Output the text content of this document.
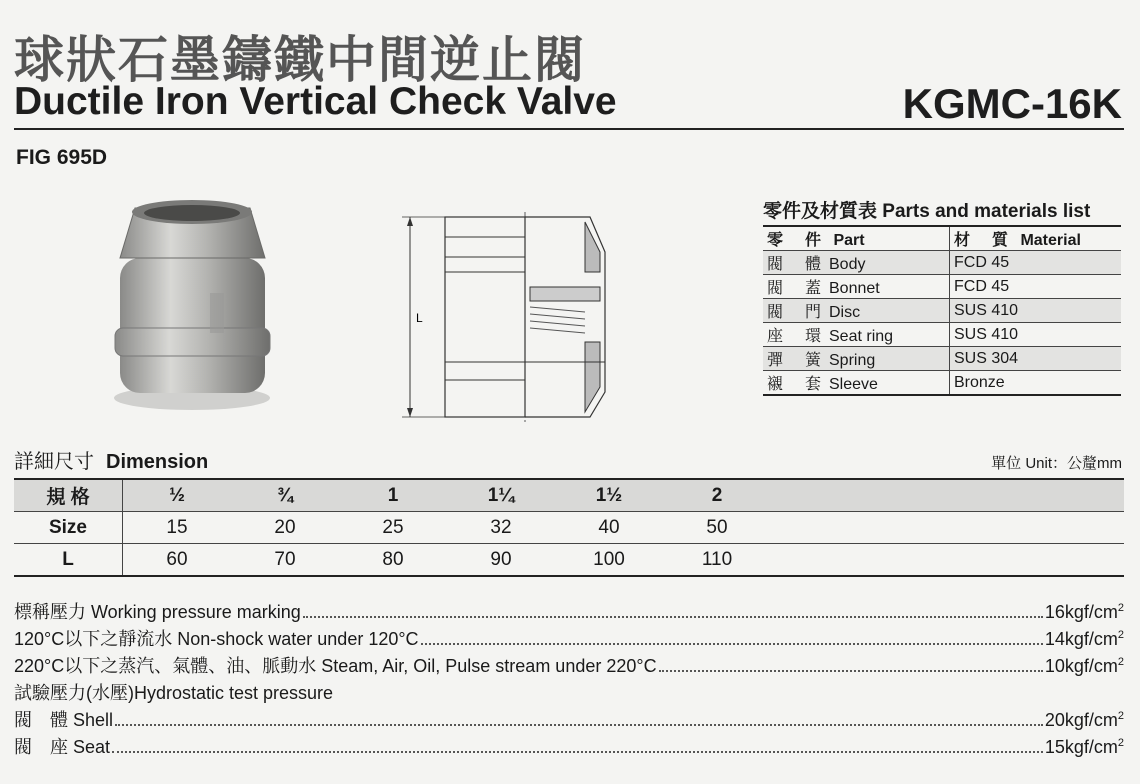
球狀石墨鑄鐵中間逆止閥
Ductile Iron Vertical Check Valve	KGMC-16K
FIG 695D
L
零件及材質表 Parts and materials list
零 件 Part	材 質 Material
閥 體 Body	FCD 45
閥 蓋 Bonnet	FCD 45
閥 門 Disc	SUS 410
座 環 Seat ring	SUS 410
彈 簧 Spring	SUS 304
襯 套 Sleeve	Bronze
詳細尺寸 Dimension	單位 Unit：公釐mm
規 格	½	¾	1	1¼	1½	2	
Size	15	20	25	32	40	50	
L	60	70	80	90	100	110	
標稱壓力 Working pressure marking	$16kgf/cm^2$
120°C以下之靜流水 Non-shock water under 120°C	$14kgf/cm^2$
220°C以下之蒸汽、氣體、油、脈動水 Steam, Air, Oil, Pulse stream under 220°C	$10kgf/cm^2$
試驗壓力(水壓)Hydrostatic test pressure
閥　體 Shell	$20kgf/cm^2$
閥　座 Seat	$15kgf/cm^2$
